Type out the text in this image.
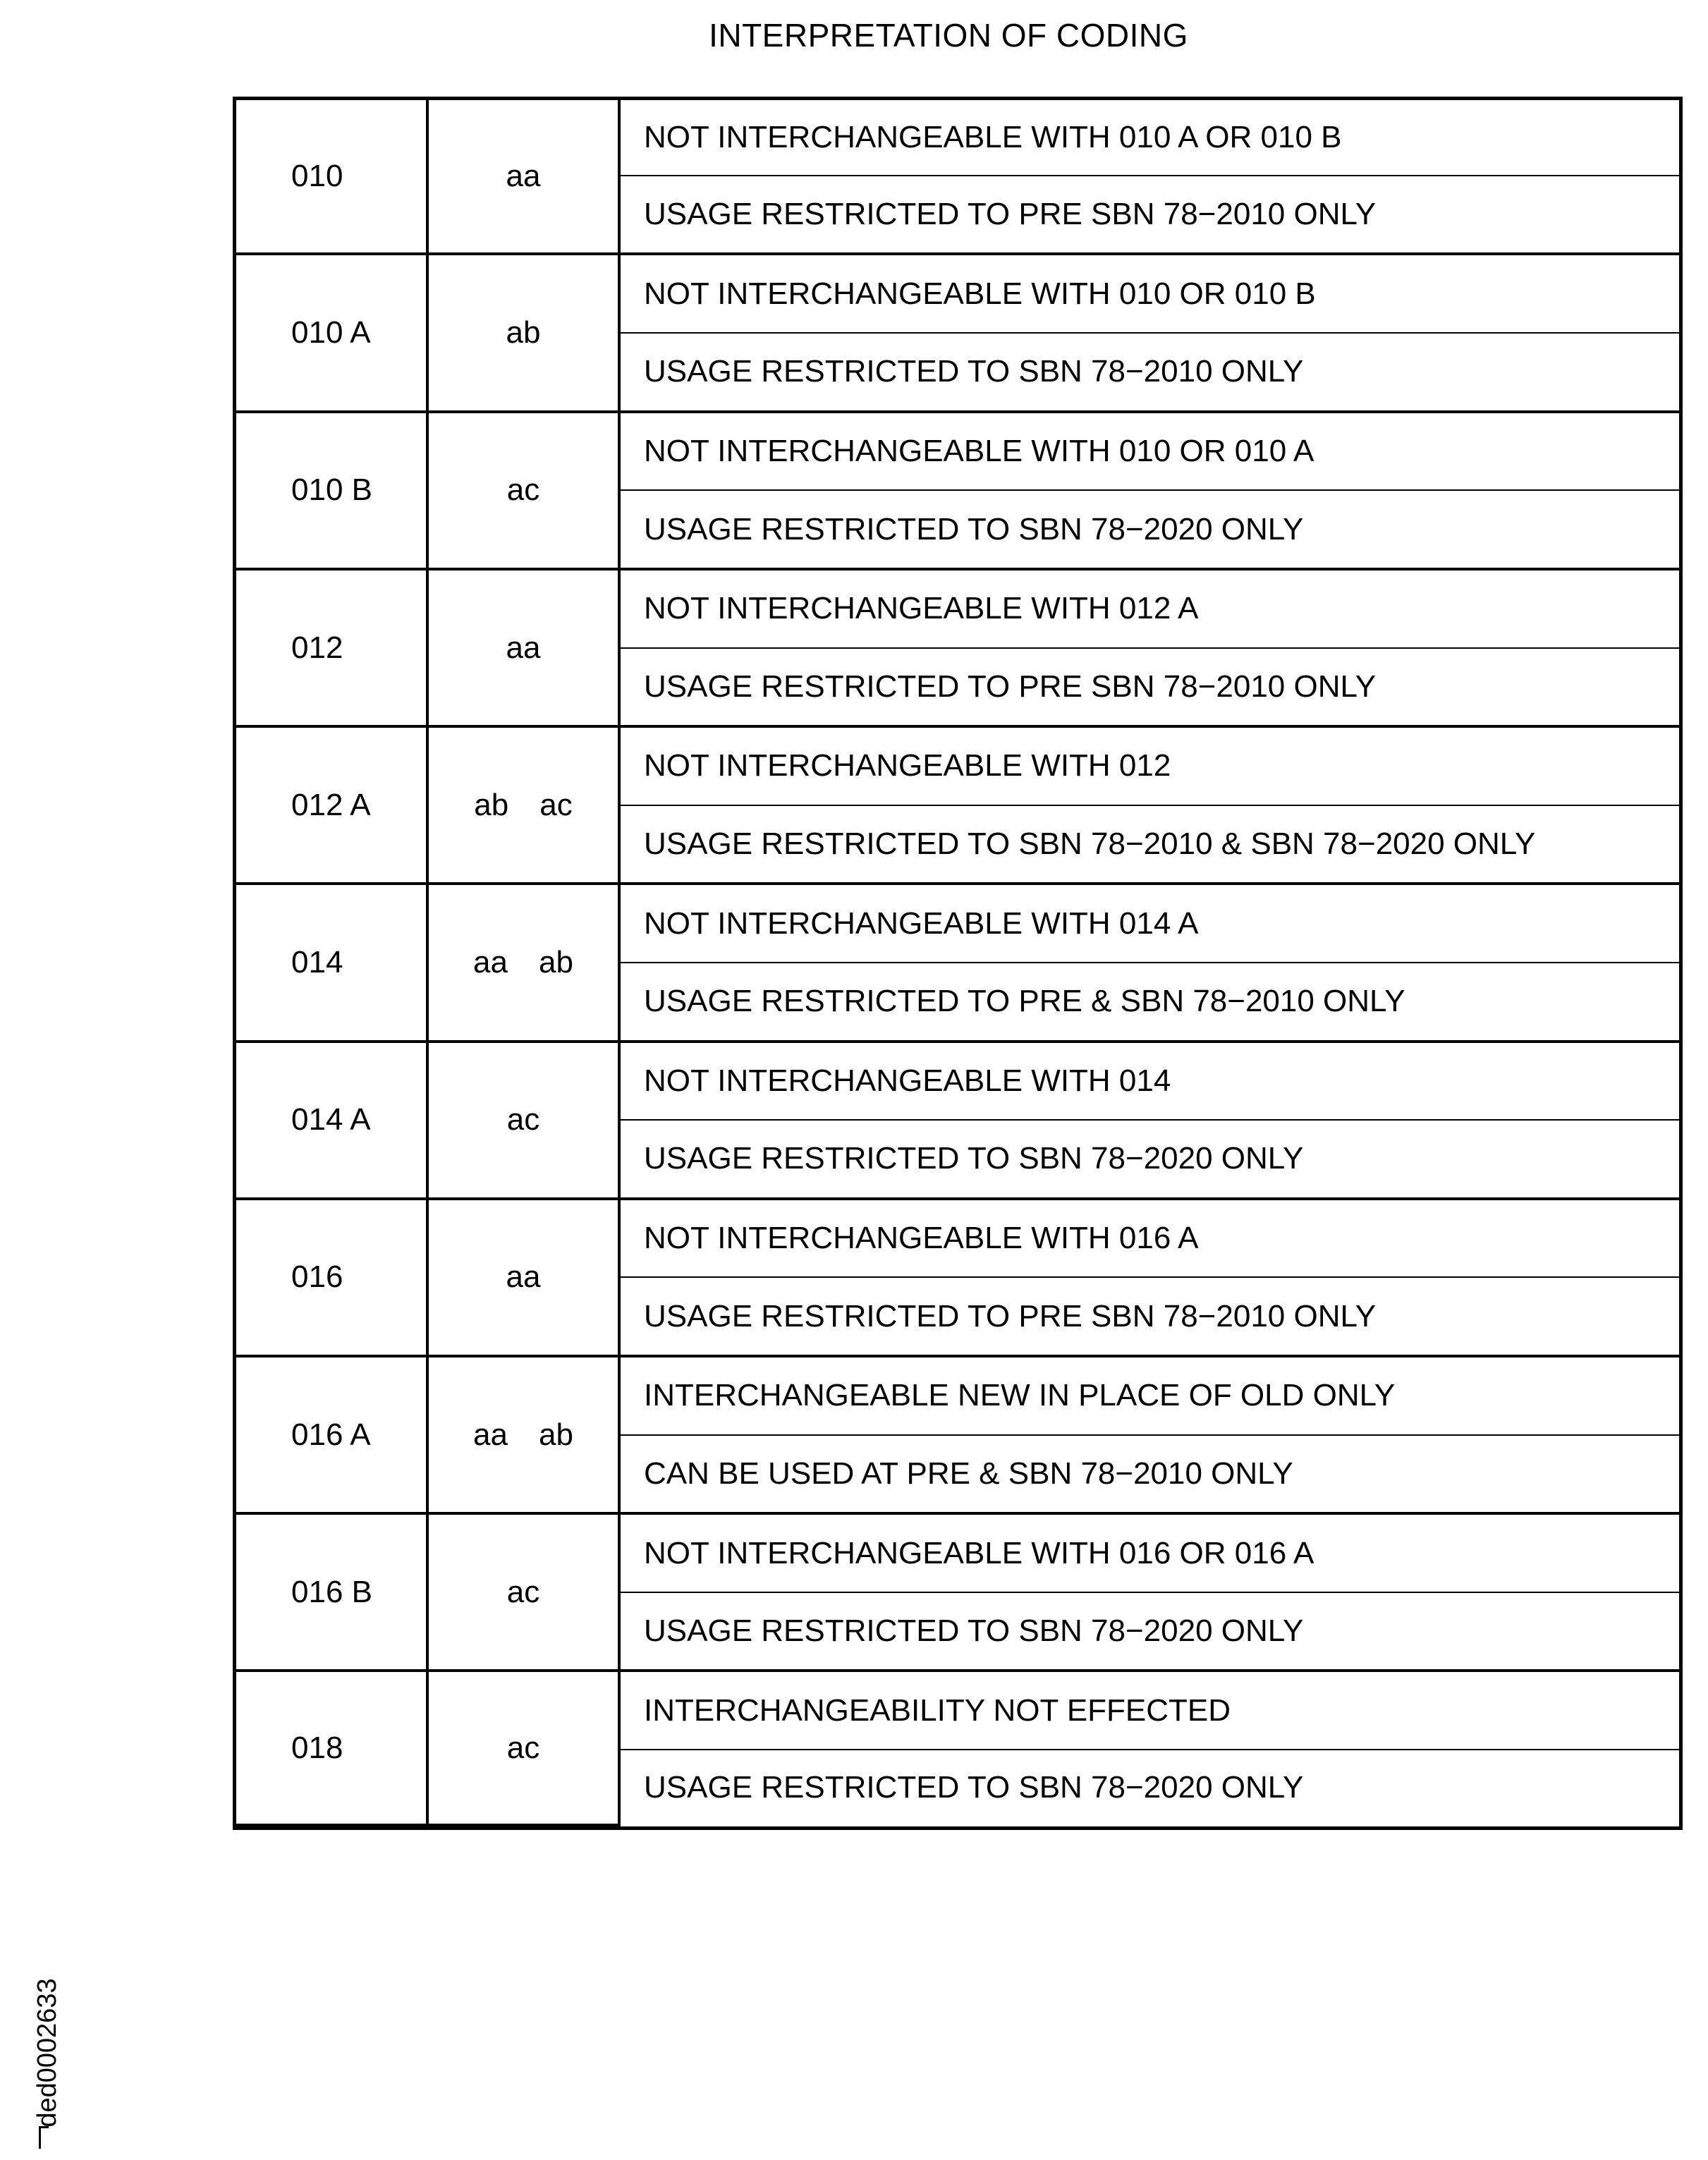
INTERPRETATION OF CODING
010	aa	NOT INTERCHANGEABLE WITH 010 A OR 010 B
		USAGE RESTRICTED TO PRE SBN 78−2010 ONLY
010 A	ab	NOT INTERCHANGEABLE WITH 010 OR 010 B
		USAGE RESTRICTED TO SBN 78−2010 ONLY
010 B	ac	NOT INTERCHANGEABLE WITH 010 OR 010 A
		USAGE RESTRICTED TO SBN 78−2020 ONLY
012	aa	NOT INTERCHANGEABLE WITH 012 A
		USAGE RESTRICTED TO PRE SBN 78−2010 ONLY
012 A	ab ac	NOT INTERCHANGEABLE WITH 012
		USAGE RESTRICTED TO SBN 78−2010 & SBN 78−2020 ONLY
014	aa ab	NOT INTERCHANGEABLE WITH 014 A
		USAGE RESTRICTED TO PRE & SBN 78−2010 ONLY
014 A	ac	NOT INTERCHANGEABLE WITH 014
		USAGE RESTRICTED TO SBN 78−2020 ONLY
016	aa	NOT INTERCHANGEABLE WITH 016 A
		USAGE RESTRICTED TO PRE SBN 78−2010 ONLY
016 A	aa ab	INTERCHANGEABLE NEW IN PLACE OF OLD ONLY
		CAN BE USED AT PRE & SBN 78−2010 ONLY
016 B	ac	NOT INTERCHANGEABLE WITH 016 OR 016 A
		USAGE RESTRICTED TO SBN 78−2020 ONLY
018	ac	INTERCHANGEABILITY NOT EFFECTED
		USAGE RESTRICTED TO SBN 78−2020 ONLY
ded0002633
